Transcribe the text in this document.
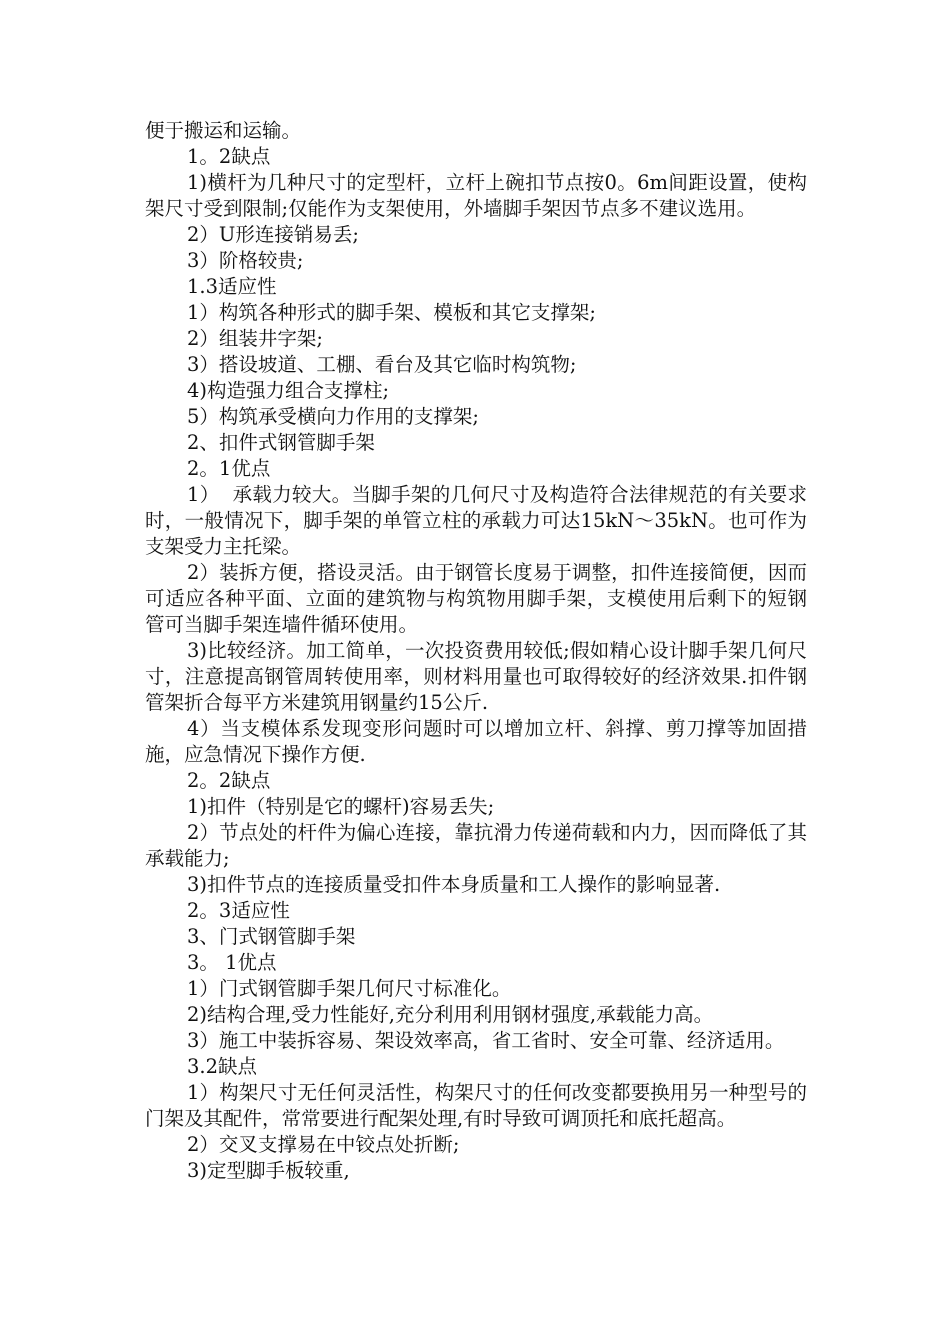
便于搬运和运输。

1。2缺点

1)横杆为几种尺寸的定型杆，立杆上碗扣节点按0。6m间距设置，使构架尺寸受到限制;仅能作为支架使用，外墙脚手架因节点多不建议选用。

2）U形连接销易丢;

3）阶格较贵;

1.3适应性

1）构筑各种形式的脚手架、模板和其它支撑架;

2）组装井字架;

3）搭设坡道、工棚、看台及其它临时构筑物;

4)构造强力组合支撑柱;

5）构筑承受横向力作用的支撑架;

2、扣件式钢管脚手架

2。1优点

1）  承载力较大。当脚手架的几何尺寸及构造符合法律规范的有关要求时，一般情况下，脚手架的单管立柱的承载力可达15kN～35kN。也可作为支架受力主托梁。

2）装拆方便，搭设灵活。由于钢管长度易于调整，扣件连接简便，因而可适应各种平面、立面的建筑物与构筑物用脚手架，支模使用后剩下的短钢管可当脚手架连墙件循环使用。

3)比较经济。加工简单，一次投资费用较低;假如精心设计脚手架几何尺寸，注意提高钢管周转使用率，则材料用量也可取得较好的经济效果.扣件钢管架折合每平方米建筑用钢量约15公斤.

4）当支模体系发现变形问题时可以增加立杆、斜撑、剪刀撑等加固措施，应急情况下操作方便.

2。2缺点

1)扣件（特别是它的螺杆)容易丢失;

2）节点处的杆件为偏心连接，靠抗滑力传递荷载和内力，因而降低了其承载能力;

3)扣件节点的连接质量受扣件本身质量和工人操作的影响显著.

2。3适应性

3、门式钢管脚手架

3。 1优点

1）门式钢管脚手架几何尺寸标准化。

2)结构合理,受力性能好,充分利用利用钢材强度,承载能力高。

3）施工中装拆容易、架设效率高，省工省时、安全可靠、经济适用。

3.2缺点

1）构架尺寸无任何灵活性，构架尺寸的任何改变都要换用另一种型号的门架及其配件，常常要进行配架处理,有时导致可调顶托和底托超高。

2）交叉支撑易在中铰点处折断;

3)定型脚手板较重,
